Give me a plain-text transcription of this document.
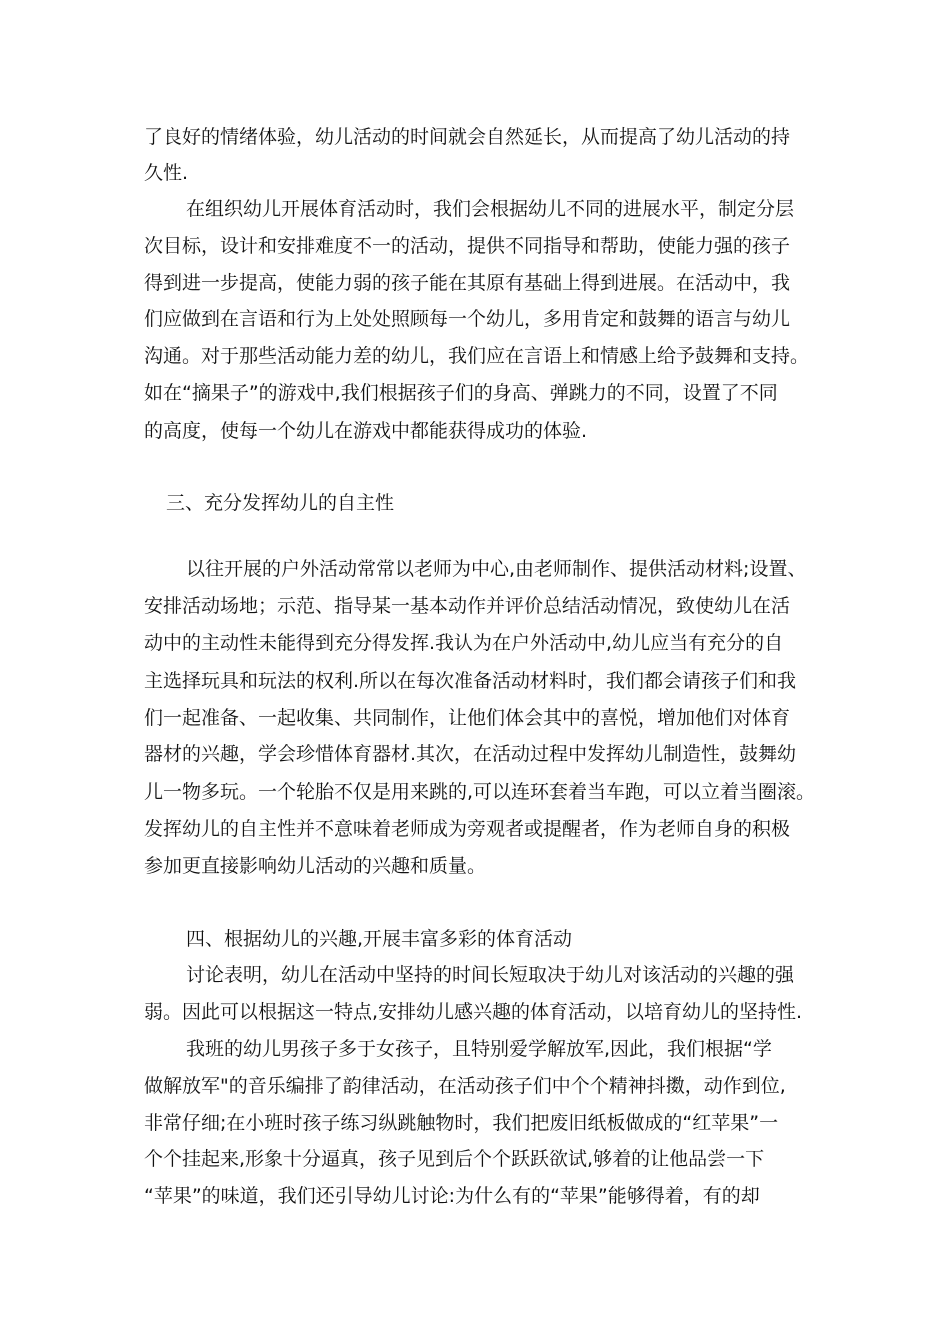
了良好的情绪体验，幼儿活动的时间就会自然延长，从而提高了幼儿活动的持
久性.
在组织幼儿开展体育活动时，我们会根据幼儿不同的进展水平，制定分层
次目标，设计和安排难度不一的活动，提供不同指导和帮助，使能力强的孩子
得到进一步提高，使能力弱的孩子能在其原有基础上得到进展。在活动中，我
们应做到在言语和行为上处处照顾每一个幼儿，多用肯定和鼓舞的语言与幼儿
沟通。对于那些活动能力差的幼儿，我们应在言语上和情感上给予鼓舞和支持。
如在“摘果子”的游戏中,我们根据孩子们的身高、弹跳力的不同，设置了不同
的高度，使每一个幼儿在游戏中都能获得成功的体验.
三、充分发挥幼儿的自主性
以往开展的户外活动常常以老师为中心,由老师制作、提供活动材料;设置、
安排活动场地；示范、指导某一基本动作并评价总结活动情况，致使幼儿在活
动中的主动性未能得到充分得发挥.我认为在户外活动中,幼儿应当有充分的自
主选择玩具和玩法的权利.所以在每次准备活动材料时，我们都会请孩子们和我
们一起准备、一起收集、共同制作，让他们体会其中的喜悦，增加他们对体育
器材的兴趣，学会珍惜体育器材.其次，在活动过程中发挥幼儿制造性，鼓舞幼
儿一物多玩。一个轮胎不仅是用来跳的,可以连环套着当车跑，可以立着当圈滚。
发挥幼儿的自主性并不意味着老师成为旁观者或提醒者，作为老师自身的积极
参加更直接影响幼儿活动的兴趣和质量。
四、根据幼儿的兴趣,开展丰富多彩的体育活动
讨论表明，幼儿在活动中坚持的时间长短取决于幼儿对该活动的兴趣的强
弱。因此可以根据这一特点,安排幼儿感兴趣的体育活动，以培育幼儿的坚持性.
我班的幼儿男孩子多于女孩子，且特别爱学解放军,因此，我们根据“学
做解放军"的音乐编排了韵律活动，在活动孩子们中个个精神抖擞，动作到位,
非常仔细;在小班时孩子练习纵跳触物时，我们把废旧纸板做成的“红苹果”一
个个挂起来,形象十分逼真，孩子见到后个个跃跃欲试,够着的让他品尝一下
“苹果”的味道，我们还引导幼儿讨论:为什么有的“苹果”能够得着，有的却
